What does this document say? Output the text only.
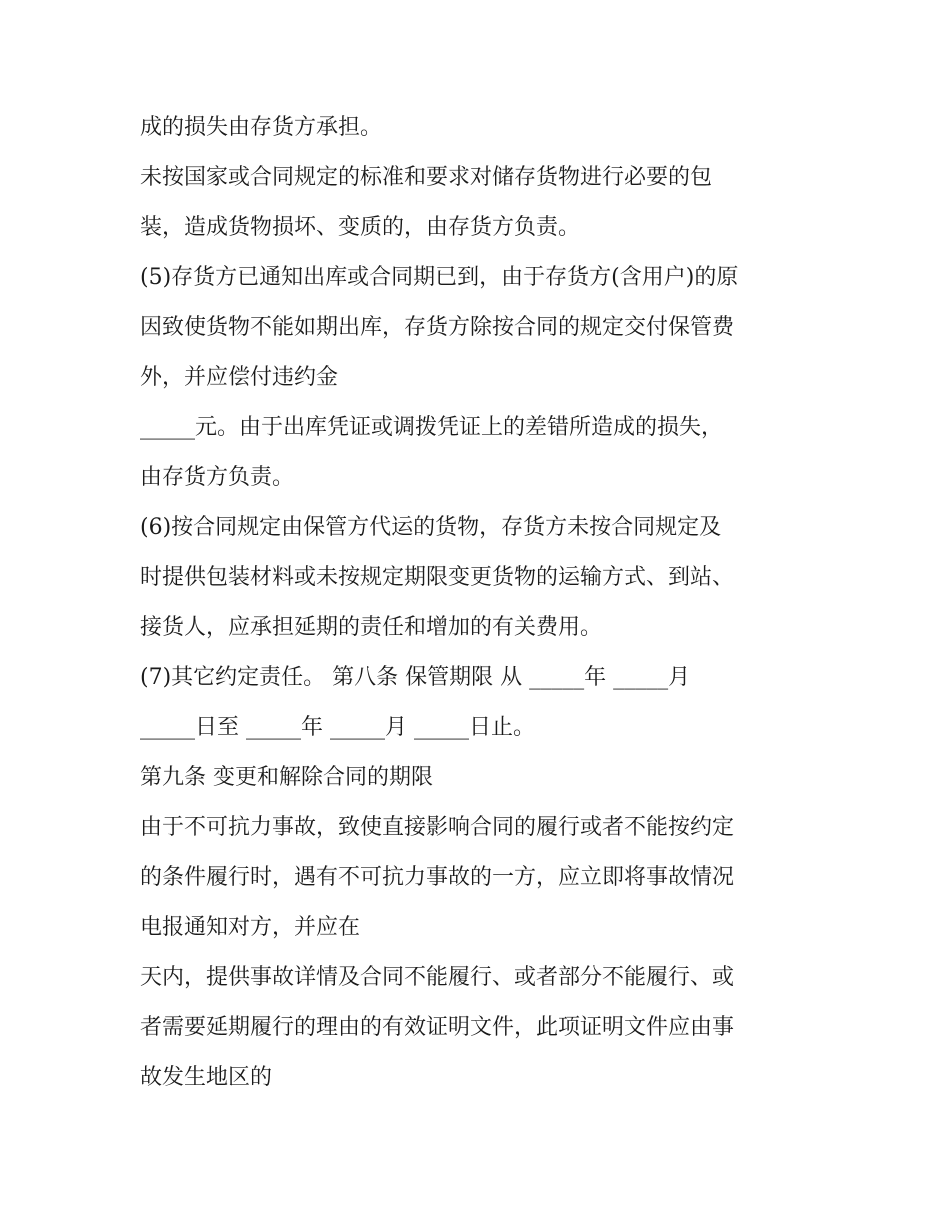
成的损失由存货方承担。
未按国家或合同规定的标准和要求对储存货物进行必要的包
装，造成货物损坏、变质的，由存货方负责。
(5)存货方已通知出库或合同期已到，由于存货方(含用户)的原
因致使货物不能如期出库，存货方除按合同的规定交付保管费
外，并应偿付违约金
_____元。由于出库凭证或调拨凭证上的差错所造成的损失，
由存货方负责。
(6)按合同规定由保管方代运的货物，存货方未按合同规定及
时提供包装材料或未按规定期限变更货物的运输方式、到站、
接货人，应承担延期的责任和增加的有关费用。
(7)其它约定责任。 第八条 保管期限 从 _____年 _____月
_____日至 _____年 _____月 _____日止。
第九条 变更和解除合同的期限
由于不可抗力事故，致使直接影响合同的履行或者不能按约定
的条件履行时，遇有不可抗力事故的一方，应立即将事故情况
电报通知对方，并应在
天内，提供事故详情及合同不能履行、或者部分不能履行、或
者需要延期履行的理由的有效证明文件，此项证明文件应由事
故发生地区的
